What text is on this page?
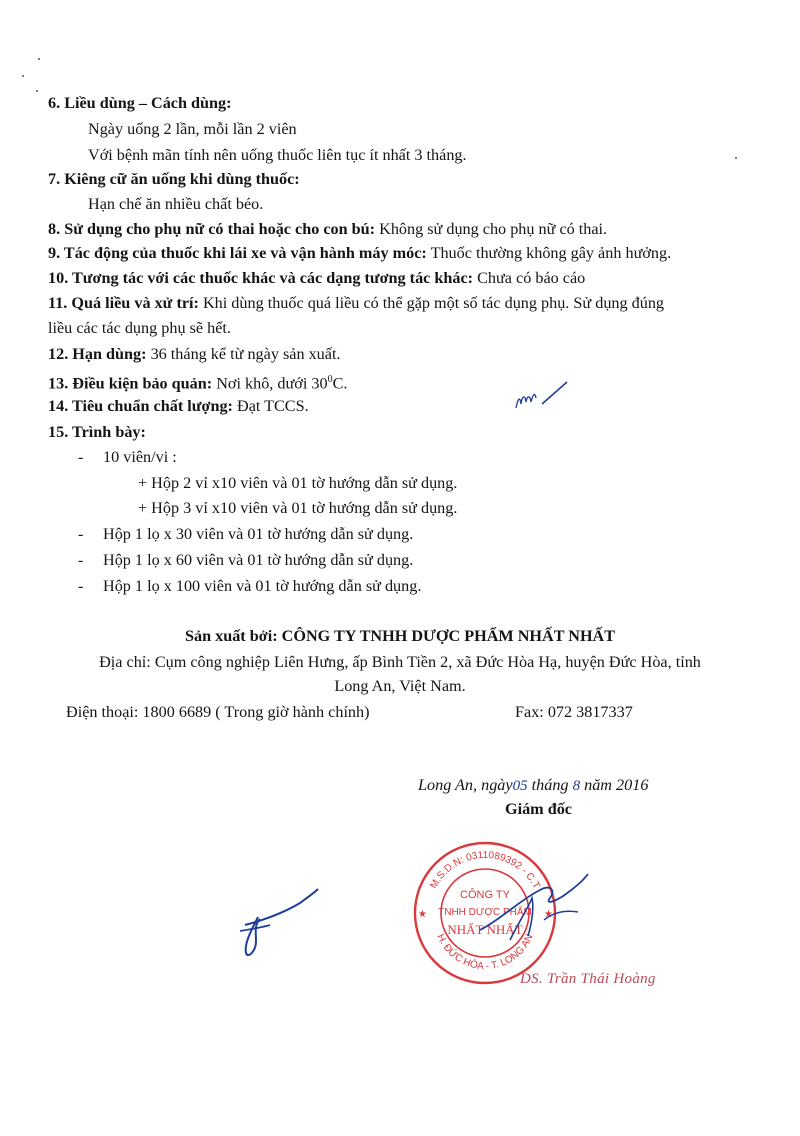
6. Liều dùng – Cách dùng:
Ngày uống 2 lần, mỗi lần 2 viên
Với bệnh mãn tính nên uống thuốc liên tục ít nhất 3 tháng.
7. Kiêng cữ ăn uống khi dùng thuốc:
Hạn chế ăn nhiều chất béo.
8. Sử dụng cho phụ nữ có thai hoặc cho con bú: Không sử dụng cho phụ nữ có thai.
9. Tác động của thuốc khi lái xe và vận hành máy móc: Thuốc thường không gây ảnh hưởng.
10. Tương tác với các thuốc khác và các dạng tương tác khác: Chưa có báo cáo
11. Quá liều và xử trí: Khi dùng thuốc quá liều có thể gặp một số tác dụng phụ. Sử dụng đúng
liều các tác dụng phụ sẽ hết.
12. Hạn dùng: 36 tháng kể từ ngày sản xuất.
13. Điều kiện bảo quản: Nơi khô, dưới $30^0C$.
14. Tiêu chuẩn chất lượng: Đạt TCCS.
15. Trình bày:
- 10 viên/vi :
+ Hộp 2 vỉ x10 viên và 01 tờ hướng dẫn sử dụng.
+ Hộp 3 vỉ x10 viên và 01 tờ hướng dẫn sử dụng.
- Hộp 1 lọ x 30 viên và 01 tờ hướng dẫn sử dụng.
- Hộp 1 lọ x 60 viên và 01 tờ hướng dẫn sử dụng.
- Hộp 1 lọ x 100 viên và 01 tờ hướng dẫn sử dụng.
Sản xuất bởi: CÔNG TY TNHH DƯỢC PHẨM NHẤT NHẤT
Địa chỉ: Cụm công nghiệp Liên Hưng, ấp Bình Tiền 2, xã Đức Hòa Hạ, huyện Đức Hòa, tỉnh
Long An, Việt Nam.
Điện thoại: 1800 6689 ( Trong giờ hành chính)	Fax: 072 3817337
Long An, ngày05 tháng 8 năm 2016
Giám đốc
M.S.D.N: 0311089392 - C.T
H. ĐỨC HÒA - T. LONG AN
CÔNG TY
TNHH DƯỢC PHẨM
NHẤT NHẤT
★	★
DS. Trần Thái Hoàng
